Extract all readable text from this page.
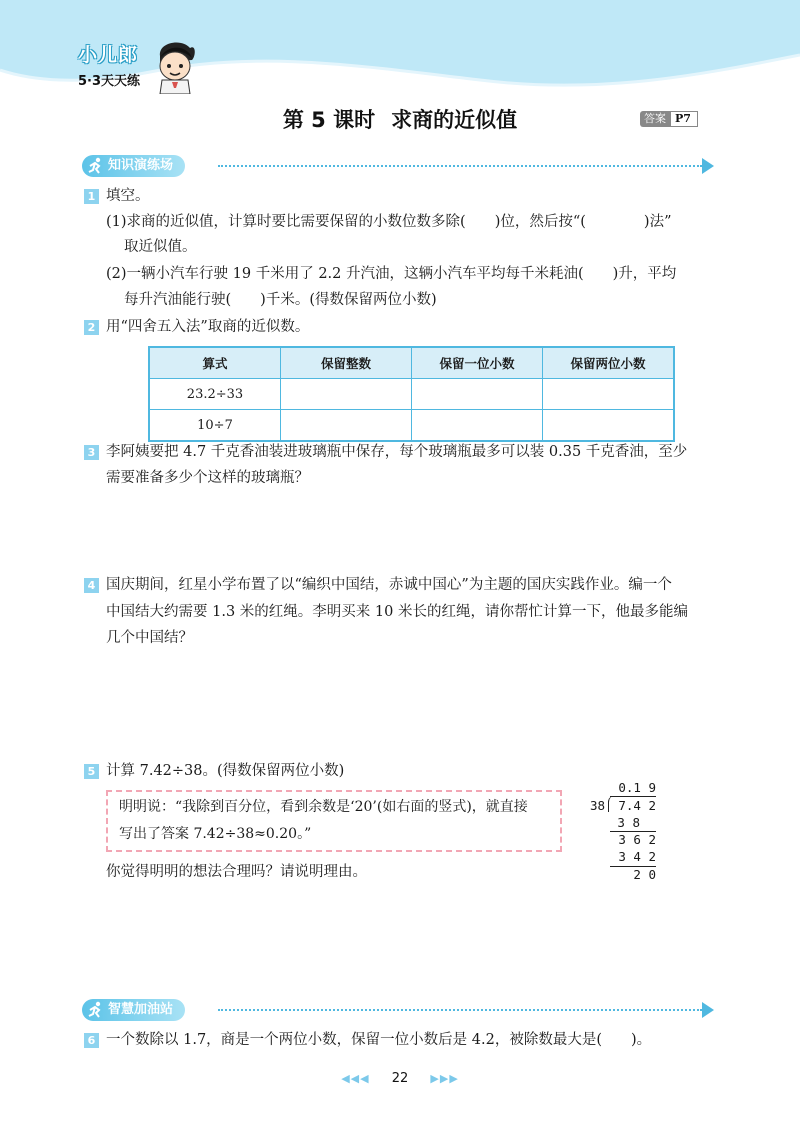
小儿郎
5·3天天练
第 5 课时 求商的近似值	答案 P7
知识演练场
1 填空。
(1)求商的近似值，计算时要比需要保留的小数位数多除(　　)位，然后按“(　　　　)法”
取近似值。
(2)一辆小汽车行驶 19 千米用了 2.2 升汽油，这辆小汽车平均每千米耗油(　　)升，平均
每升汽油能行驶(　　)千米。(得数保留两位小数)
2 用“四舍五入法”取商的近似数。
算式	保留整数	保留一位小数	保留两位小数
23.2÷33			
10÷7			
3 李阿姨要把 4.7 千克香油装进玻璃瓶中保存，每个玻璃瓶最多可以装 0.35 千克香油，至少
需要准备多少个这样的玻璃瓶？
4 国庆期间，红星小学布置了以“编织中国结，赤诚中国心”为主题的国庆实践作业。编一个
中国结大约需要 1.3 米的红绳。李明买来 10 米长的红绳，请你帮忙计算一下，他最多能编
几个中国结？
5 计算 7.42÷38。(得数保留两位小数)
明明说：“我除到百分位，看到余数是‘20’(如右面的竖式)，就直接
写出了答案 7.42÷38≈0.20。”
你觉得明明的想法合理吗？请说明理由。
0.1 9
38 7.4 2
3 8
3 6 2
3 4 2
2 0
智慧加油站
6 一个数除以 1.7，商是一个两位小数，保留一位小数后是 4.2，被除数最大是(　　)。
◀◀◀ 22 ▶▶▶
